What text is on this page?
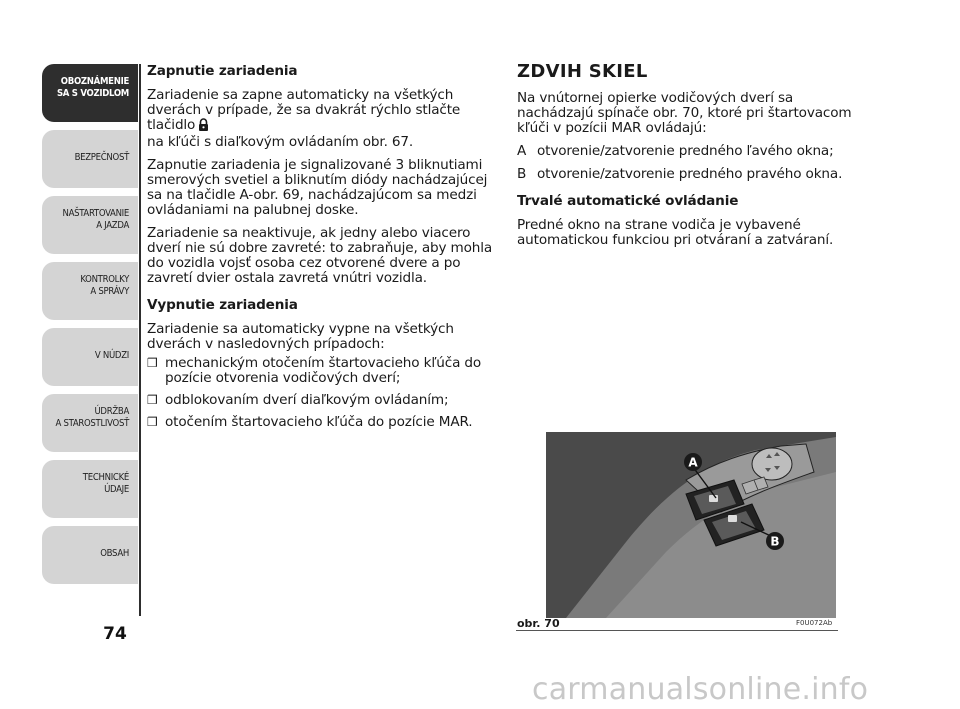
OBOZNÁMENIE
SA S VOZIDLOM
BEZPEČNOSŤ
NAŠTARTOVANIE
A JAZDA
KONTROLKY
A SPRÁVY
V NÚDZI
ÚDRŽBA
A STAROSTLIVOSŤ
TECHNICKÉ
ÚDAJE
OBSAH
74
Zapnutie zariadenia

Zariadenie sa zapne automaticky na všetkých dverách v prípade, že sa dvakrát rýchlo stlačte tlačidlo
na kľúči s diaľkovým ovládaním obr. 67.

Zapnutie zariadenia je signalizované 3 bliknutiami smerových svetiel a bliknutím diódy nachádzajúcej sa na tlačidle A-obr. 69, nachádzajúcom sa medzi ovládaniami na palubnej doske.

Zariadenie sa neaktivuje, ak jedny alebo viacero dverí nie sú dobre zavreté: to zabraňuje, aby mohla do vozidla vojsť osoba cez otvorené dvere a po zavretí dvier ostala zavretá vnútri vozidla.

Vypnutie zariadenia

Zariadenie sa automaticky vypne na všetkých dverách v nasledovných prípadoch:

❒ mechanickým otočením štartovacieho kľúča do pozície otvorenia vodičových dverí;
❒ odblokovaním dverí diaľkovým ovládaním;
❒ otočením štartovacieho kľúča do pozície MAR.
ZDVIH SKIEL

Na vnútornej opierke vodičových dverí sa nachádzajú spínače obr. 70, ktoré pri štartovacom kľúči v pozícii MAR ovládajú:

A otvorenie/zatvorenie predného ľavého okna;
B otvorenie/zatvorenie predného pravého okna.
Trvalé automatické ovládanie

Predné okno na strane vodiča je vybavené automatickou funkciou pri otváraní a zatváraní.

A
B
obr. 70	F0U072Ab
carmanualsonline.info
